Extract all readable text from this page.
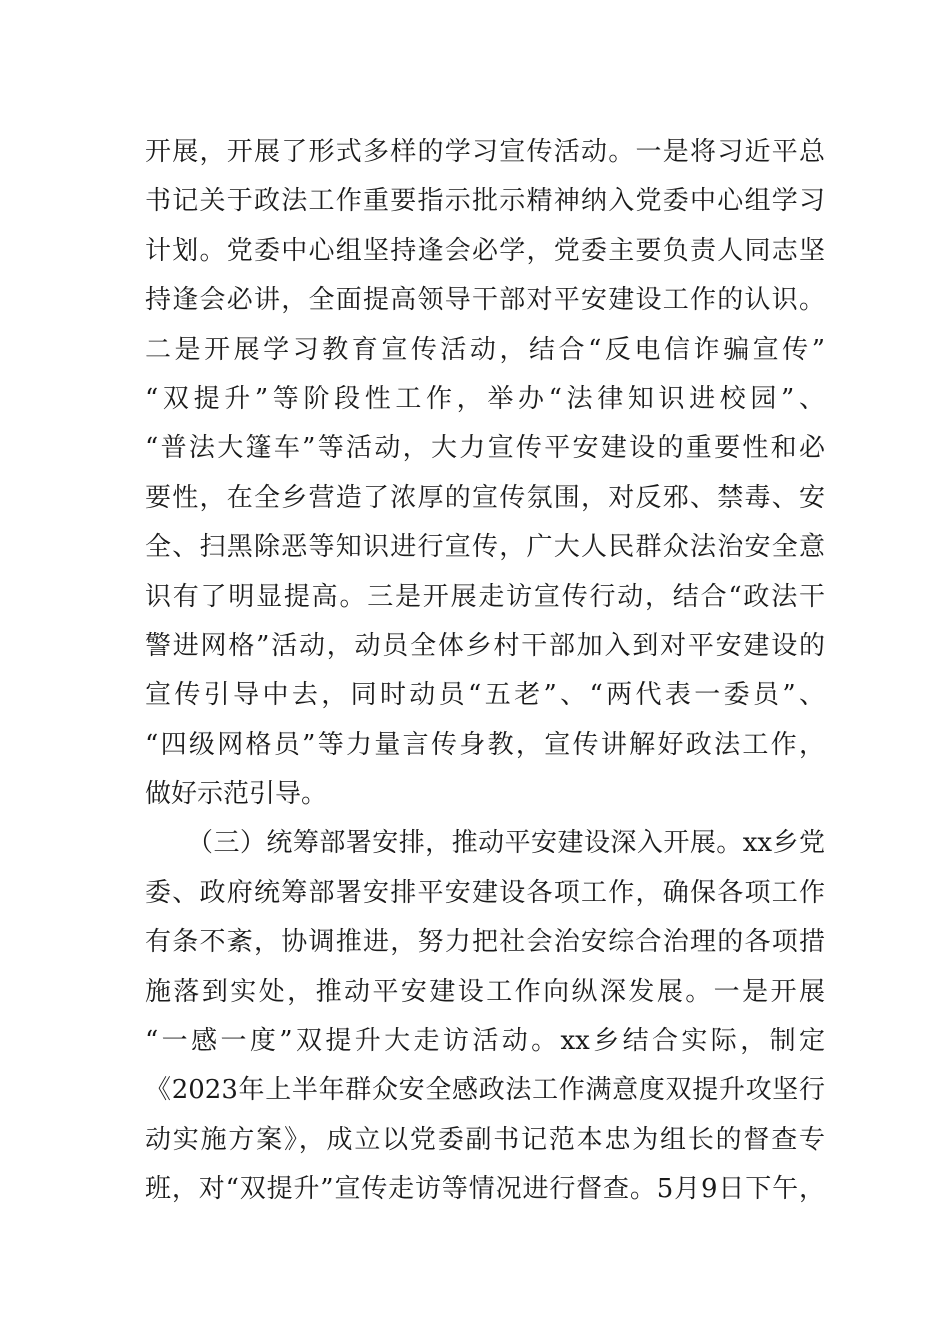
开展，开展了形式多样的学习宣传活动。一是将习近平总
书记关于政法工作重要指示批示精神纳入党委中心组学习
计划。党委中心组坚持逢会必学，党委主要负责人同志坚
持逢会必讲，全面提高领导干部对平安建设工作的认识。
二是开展学习教育宣传活动，结合“反电信诈骗宣传”
“双提升”等阶段性工作，举办“法律知识进校园”、
“普法大篷车”等活动，大力宣传平安建设的重要性和必
要性，在全乡营造了浓厚的宣传氛围，对反邪、禁毒、安
全、扫黑除恶等知识进行宣传，广大人民群众法治安全意
识有了明显提高。三是开展走访宣传行动，结合“政法干
警进网格”活动，动员全体乡村干部加入到对平安建设的
宣传引导中去，同时动员“五老”、“两代表一委员”、
“四级网格员”等力量言传身教，宣传讲解好政法工作，
做好示范引导。
（三）统筹部署安排，推动平安建设深入开展。xx乡党
委、政府统筹部署安排平安建设各项工作，确保各项工作
有条不紊，协调推进，努力把社会治安综合治理的各项措
施落到实处，推动平安建设工作向纵深发展。一是开展
“一感一度”双提升大走访活动。xx乡结合实际，制定
《2023年上半年群众安全感政法工作满意度双提升攻坚行
动实施方案》，成立以党委副书记范本忠为组长的督查专
班，对“双提升”宣传走访等情况进行督查。5月9日下午，
